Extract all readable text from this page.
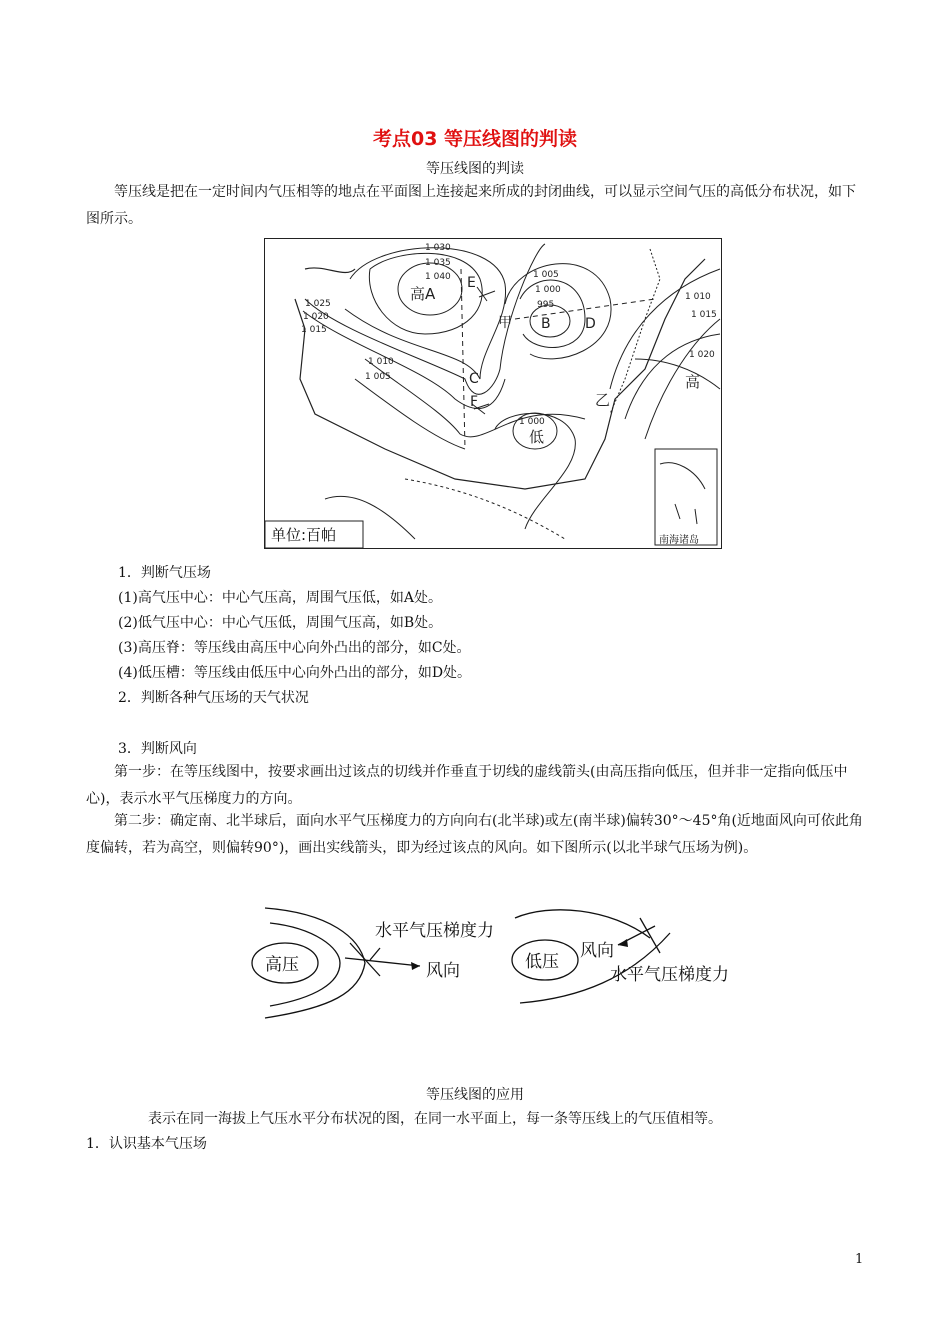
考点03 等压线图的判读
等压线图的判读
等压线是把在一定时间内气压相等的地点在平面图上连接起来所成的封闭曲线，可以显示空间气压的高低分布状况，如下图所示。
1 030
1 035
1 040
高A
E
1 025
1 020
1 015
1 010
1 005
1 005
1 000
995
B D
甲
C
F	乙
低
1 000
1 010
1 015
1 020
高
单位:百帕	南海诸岛
1．判断气压场
(1)高气压中心：中心气压高，周围气压低，如A处。
(2)低气压中心：中心气压低，周围气压高，如B处。
(3)高压脊：等压线由高压中心向外凸出的部分，如C处。
(4)低压槽：等压线由低压中心向外凸出的部分，如D处。
2．判断各种气压场的天气状况
3．判断风向
第一步：在等压线图中，按要求画出过该点的切线并作垂直于切线的虚线箭头(由高压指向低压，但并非一定指向低压中心)，表示水平气压梯度力的方向。
第二步：确定南、北半球后，面向水平气压梯度力的方向向右(北半球)或左(南半球)偏转30°～45°角(近地面风向可依此角度偏转，若为高空，则偏转90°)，画出实线箭头，即为经过该点的风向。如下图所示(以北半球气压场为例)。
高压	低压
水平气压梯度力
风向
风向
水平气压梯度力
等压线图的应用
表示在同一海拔上气压水平分布状况的图，在同一水平面上，每一条等压线上的气压值相等。
1．认识基本气压场
1
